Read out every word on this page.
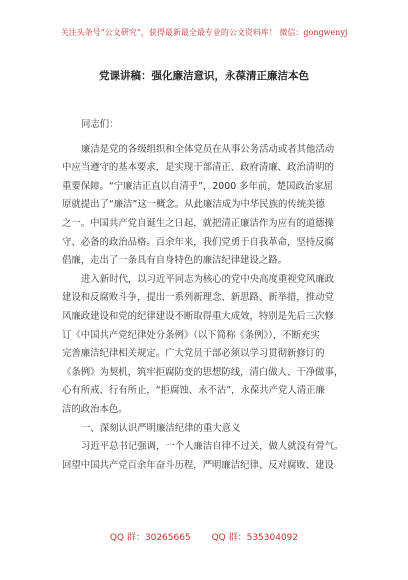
关注头条号“公文研究”，获得最新最全最专业的公文资料库！ 微信：gongwenyj
党课讲稿：强化廉洁意识，永葆清正廉洁本色
同志们：
廉洁是党的各级组织和全体党员在从事公务活动或者其他活动
中应当遵守的基本要求，是实现干部清正、政府清廉、政治清明的
重要保障。“宁廉洁正直以自清乎”，2000 多年前，楚国政治家屈
原就提出了“廉洁”这一概念。从此廉洁成为中华民族的传统美德
之一。中国共产党自诞生之日起，就把清正廉洁作为应有的道德操
守、必备的政治品格。百余年来，我们党勇于自我革命，坚持反腐
倡廉，走出了一条具有自身特色的廉洁纪律建设之路。
进入新时代，以习近平同志为核心的党中央高度重视党风廉政
建设和反腐败斗争，提出一系列新理念、新思路、新举措，推动党
风廉政建设和党的纪律建设不断取得重大成效，特别是先后三次修
订《中国共产党纪律处分条例》（以下简称《条例》），不断充实
完善廉洁纪律相关规定。广大党员干部必须以学习贯彻新修订的
《条例》为契机，筑牢拒腐防变的思想防线，清白做人、干净做事，
心有所戒、行有所止，“拒腐蚀、永不沾”，永葆共产党人清正廉
洁的政治本色。
一、深刻认识严明廉洁纪律的重大意义
习近平总书记强调，一个人廉洁自律不过关，做人就没有骨气。
回望中国共产党百余年奋斗历程，严明廉洁纪律、反对腐败、建设
QQ 群：30265665 QQ 群：535304092
